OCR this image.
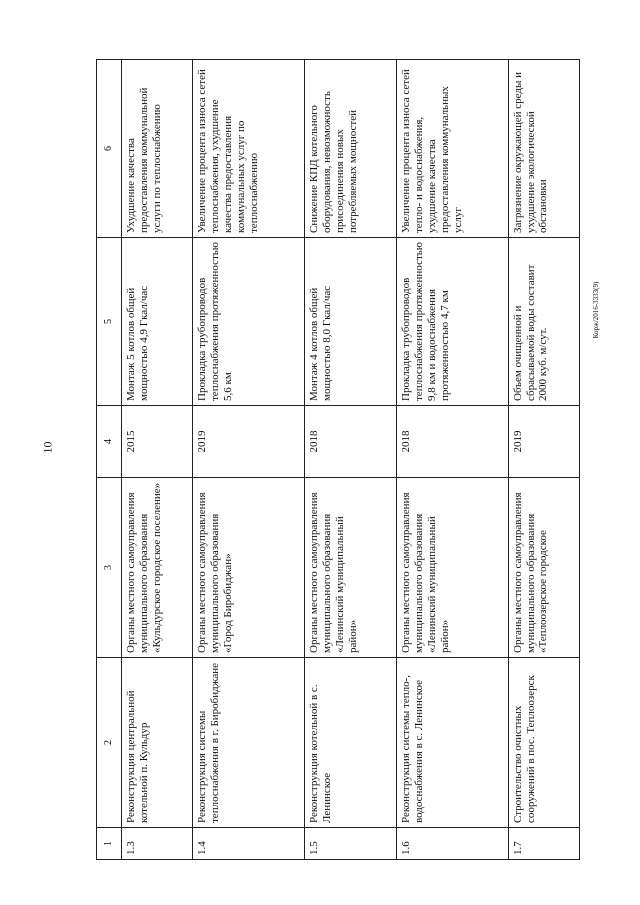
10
1	2	3	4	5	6
1.3	Реконструкция центральной котельной п. Кульдур	Органы местного самоуправления муниципального образования «Кульдурское городское поселение»	2015	Монтаж 5 котлов общей мощностью 4,9 Гкал/час	Ухудшение качества предоставления коммунальной услуги по теплоснабжению
1.4	Реконструкция системы теплоснабжения в г. Биробиджане	Органы местного самоуправления муниципального образования «Город Биробиджан»	2019	Прокладка трубопроводов теплоснабжения протяженностью 5,6 км	Увеличение процента износа сетей теплоснабжения, ухудшение качества предоставления коммунальных услуг по теплоснабжению
1.5	Реконструкция котельной в с. Ленинское	Органы местного самоуправления муниципального образования «Ленинский муниципальный район»	2018	Монтаж 4 котлов общей мощностью 8,0 Гкал/час	Снижение КПД котельного оборудования, невозможность присоединения новых потребляемых мощностей
1.6	Реконструкция системы тепло-, водоснабжения в с. Ленинское	Органы местного самоуправления муниципального образования «Ленинский муниципальный район»	2018	Прокладка трубопроводов теплоснабжения протяженностью 9,8 км и водоснабжения протяженностью 4,7 км	Увеличение процента износа сетей тепло- и водоснабжения, ухудшение качества предоставления коммунальных услуг
1.7	Строительство очистных сооружений в пос. Теплоозерск	Органы местного самоуправления муниципального образования «Теплоозерское городское	2019	Объем очищенной и сбрасываемой воды составит 2000 куб. м/сут.	Загрязнение окружающей среды и ухудшение экологической обстановки
Корж/2016-3333(9)
